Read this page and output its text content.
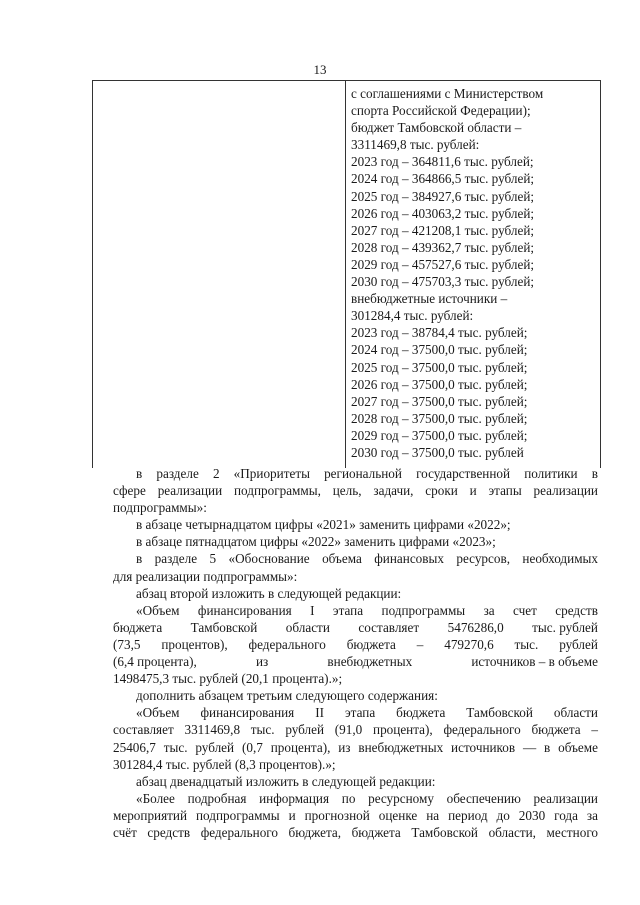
13
с соглашениями с Министерством
спорта Российской Федерации);
бюджет Тамбовской области –
3311469,8 тыс. рублей:
2023 год – 364811,6 тыс. рублей;
2024 год – 364866,5 тыс. рублей;
2025 год – 384927,6 тыс. рублей;
2026 год – 403063,2 тыс. рублей;
2027 год – 421208,1 тыс. рублей;
2028 год – 439362,7 тыс. рублей;
2029 год – 457527,6 тыс. рублей;
2030 год – 475703,3 тыс. рублей;
внебюджетные источники –
301284,4 тыс. рублей:
2023 год – 38784,4 тыс. рублей;
2024 год – 37500,0 тыс. рублей;
2025 год – 37500,0 тыс. рублей;
2026 год – 37500,0 тыс. рублей;
2027 год – 37500,0 тыс. рублей;
2028 год – 37500,0 тыс. рублей;
2029 год – 37500,0 тыс. рублей;
2030 год – 37500,0 тыс. рублей
в разделе 2 «Приоритеты региональной государственной политики в
сфере реализации подпрограммы, цель, задачи, сроки и этапы реализации
подпрограммы»:
в абзаце четырнадцатом цифры «2021» заменить цифрами «2022»;
в абзаце пятнадцатом цифры «2022» заменить цифрами «2023»;
в разделе 5 «Обоснование объема финансовых ресурсов, необходимых
для реализации подпрограммы»:
абзац второй изложить в следующей редакции:
«Объем финансирования I этапа подпрограммы за счет средств
бюджета Тамбовской области составляет 5476286,0 тыс. рублей
(73,5 процентов), федерального бюджета – 479270,6 тыс. рублей
(6,4 процента),	из	внебюджетных	источников – в объеме
1498475,3 тыс. рублей (20,1 процента).»;
дополнить абзацем третьим следующего содержания:
«Объем финансирования II этапа бюджета Тамбовской области
составляет 3311469,8 тыс. рублей (91,0 процента), федерального бюджета –
25406,7 тыс. рублей (0,7 процента), из внебюджетных источников — в объеме
301284,4 тыс. рублей (8,3 процентов).»;
абзац двенадцатый изложить в следующей редакции:
«Более подробная информация по ресурсному обеспечению реализации
мероприятий подпрограммы и прогнозной оценке на период до 2030 года за
счёт средств федерального бюджета, бюджета Тамбовской области, местного
